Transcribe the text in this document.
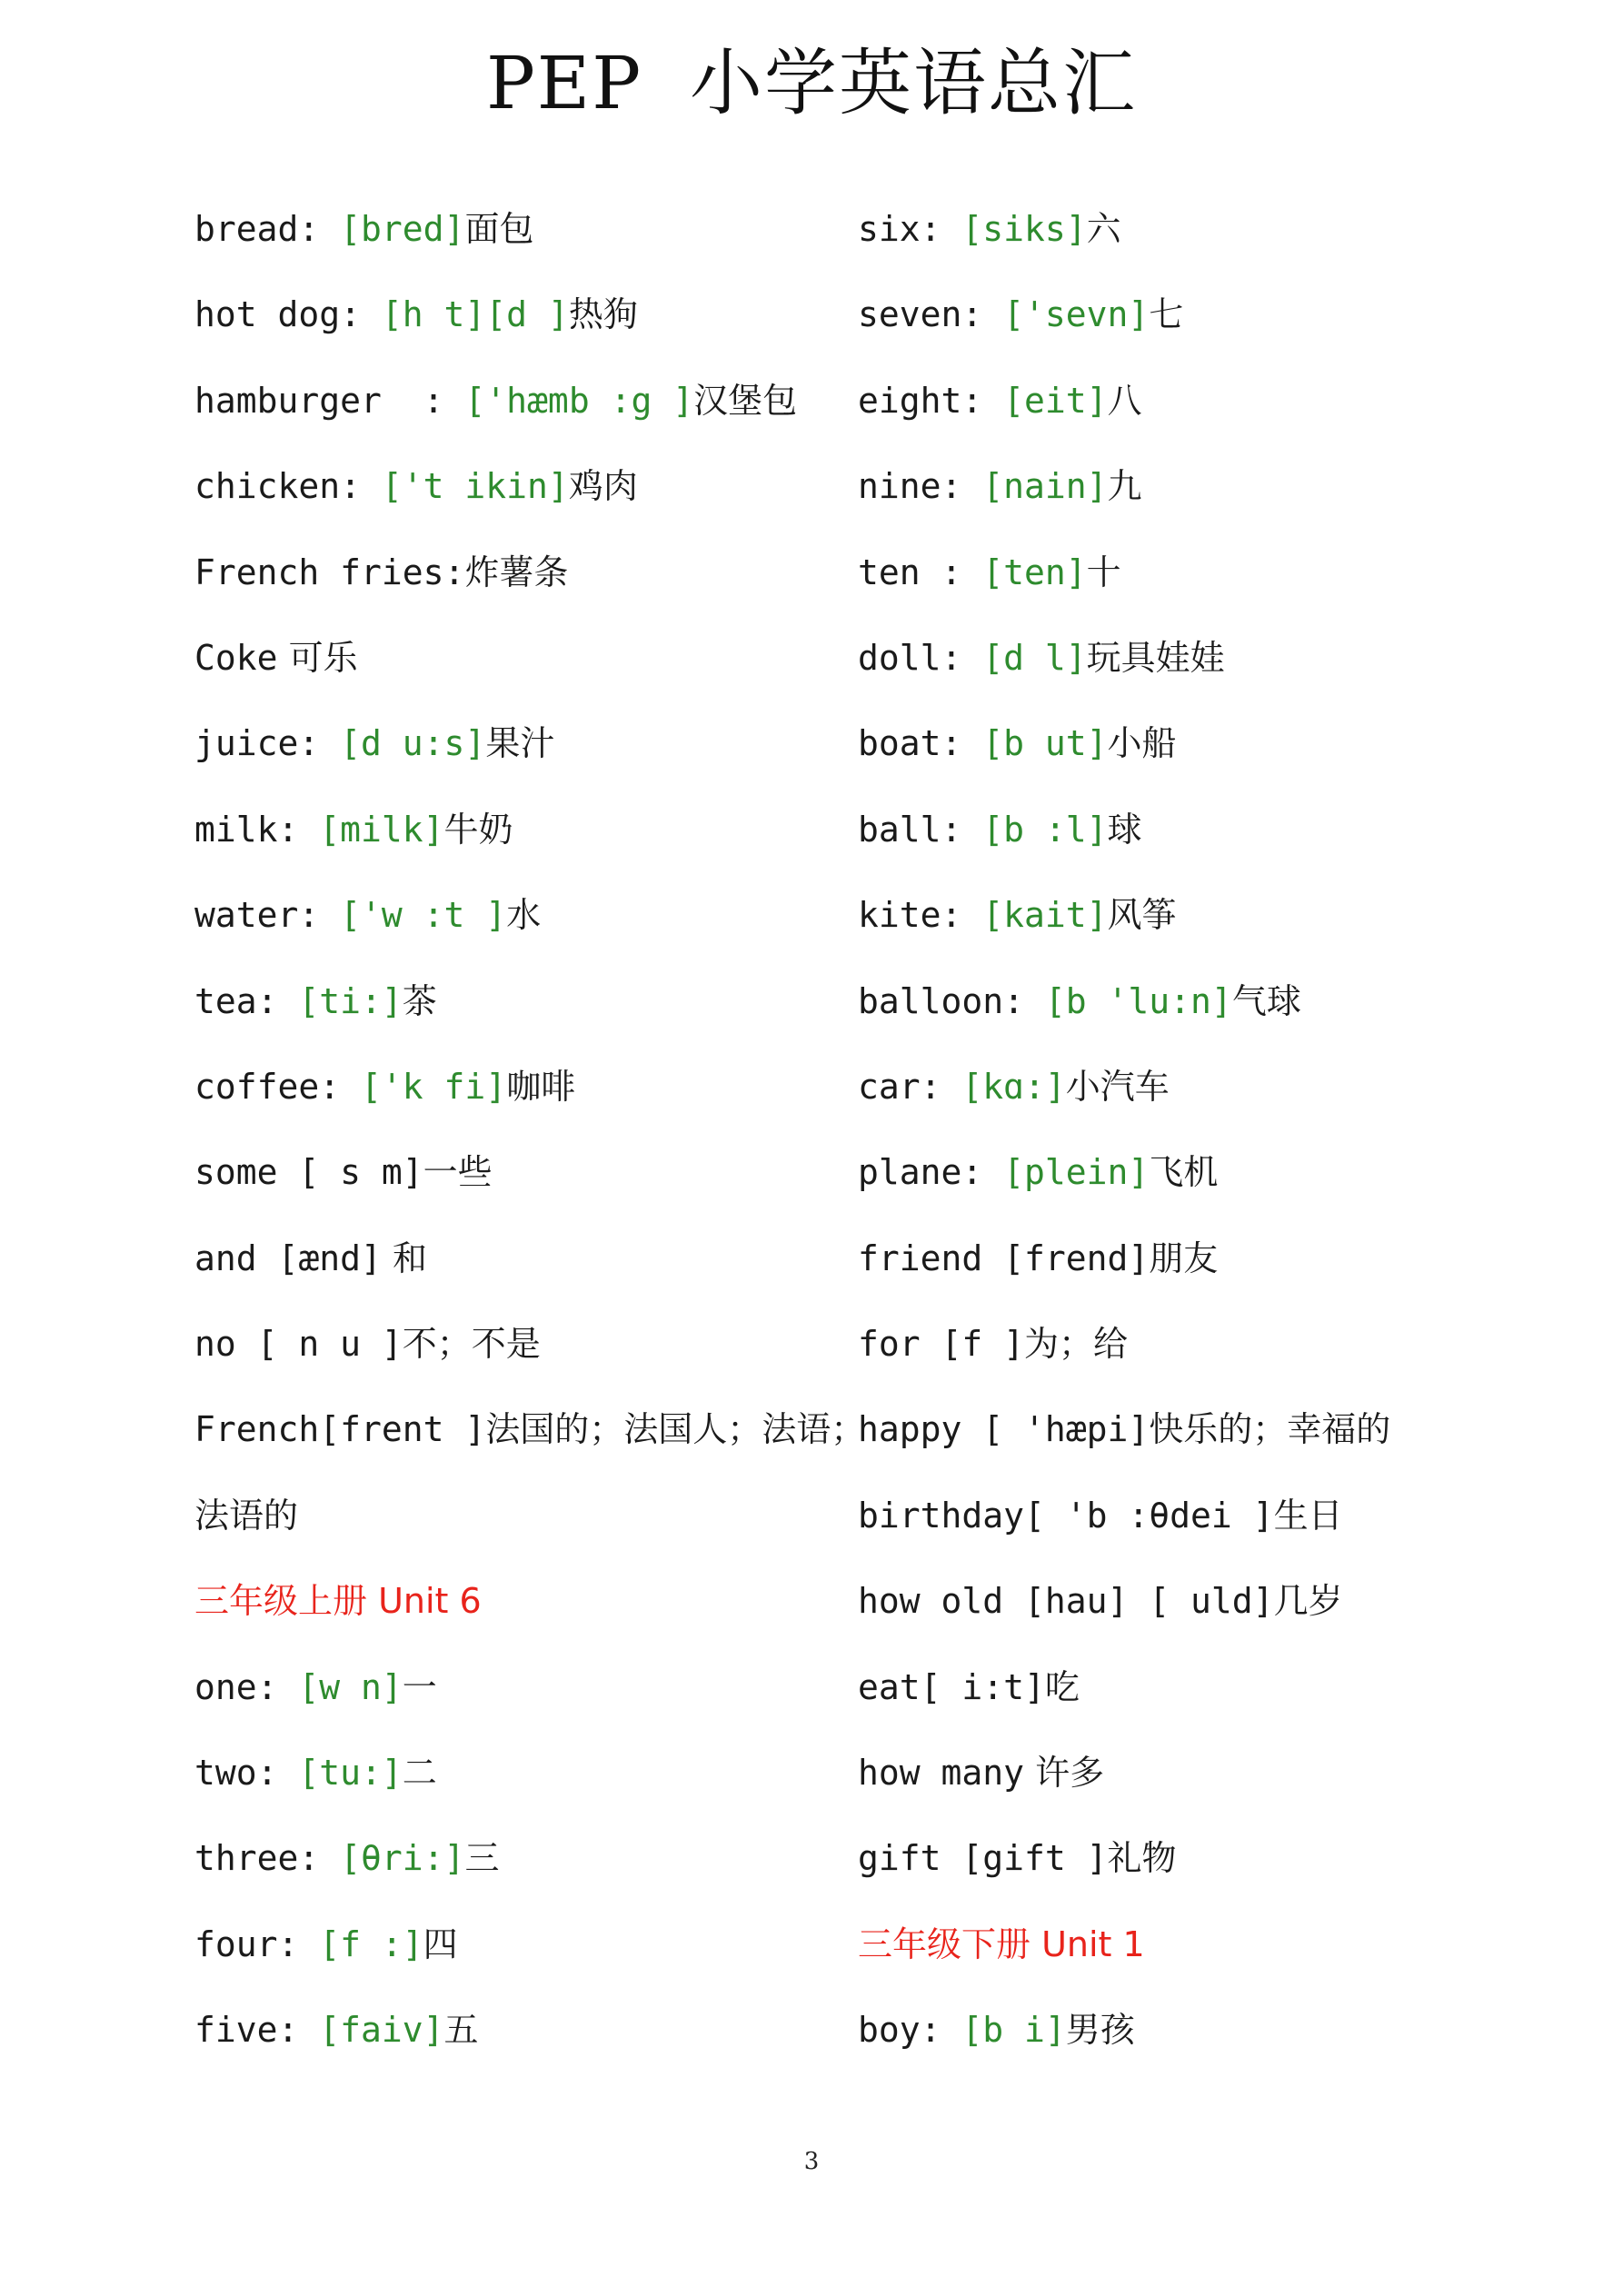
PEP 小学英语总汇
bread: [bred]面包
hot dog: [h t][d ]热狗
hamburger  : ['hæmb :g ]汉堡包
chicken: ['t ikin]鸡肉
French fries:炸薯条
Coke 可乐
juice: [d u:s]果汁
milk: [milk]牛奶
water: ['w :t ]水
tea: [ti:]茶
coffee: ['k fi]咖啡
some [ s m]一些
and [ænd] 和
no [ n u ]不；不是
French[frent ]法国的；法国人；法语；
法语的
三年级上册 Unit 6
one: [w n]一
two: [tu:]二
three: [θri:]三
four: [f :]四
five: [faiv]五
six: [siks]六
seven: ['sevn]七
eight: [eit]八
nine: [nain]九
ten : [ten]十
doll: [d l]玩具娃娃
boat: [b ut]小船
ball: [b :l]球
kite: [kait]风筝
balloon: [b 'lu:n]气球
car: [kɑ:]小汽车
plane: [plein]飞机
friend [frend]朋友
for [f ]为；给
happy [ 'hæpi]快乐的；幸福的
birthday[ 'b :θdei ]生日
how old [hau] [ uld]几岁
eat[ i:t]吃
how many 许多
gift [gift ]礼物
三年级下册 Unit 1
boy: [b i]男孩
3
